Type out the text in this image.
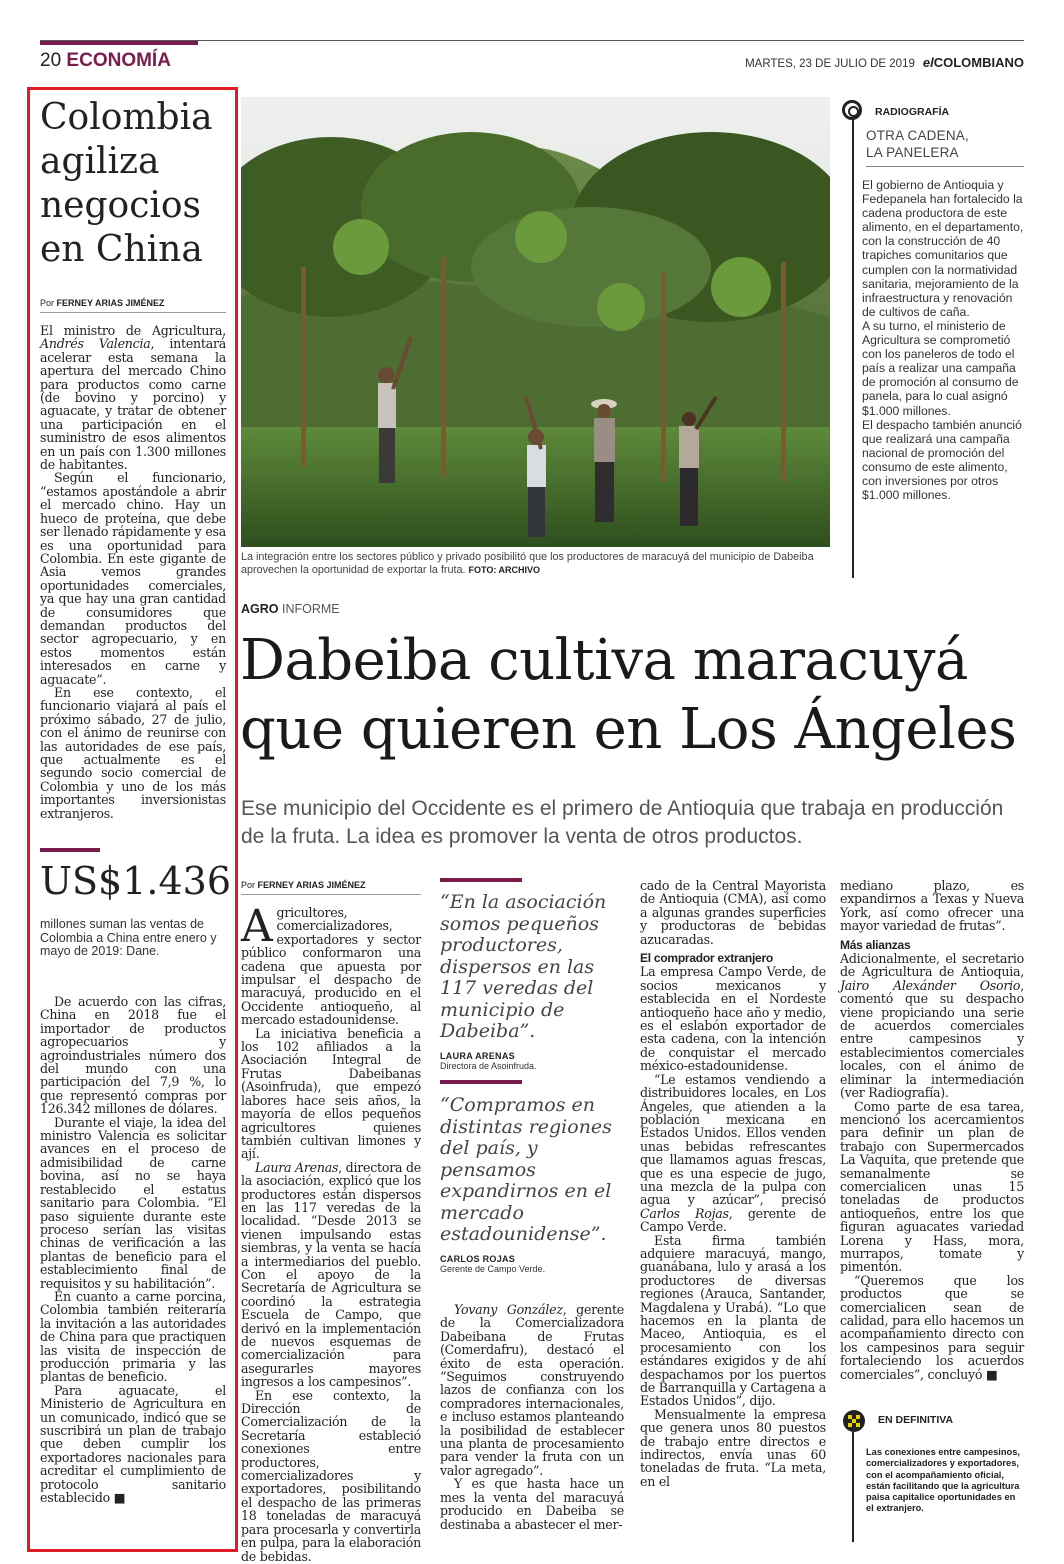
20 ECONOMÍA	MARTES, 23 DE JULIO DE 2019 elCOLOMBIANO
Colombia agiliza negocios en China
Por FERNEY ARIAS JIMÉNEZ

El ministro de Agricultura, Andrés Valencia, intentará acelerar esta semana la apertura del mercado Chino para productos como carne (de bovino y porcino) y aguacate, y tratar de obtener una participación en el suministro de esos alimentos en un país con 1.300 millones de habitantes.

Según el funcionario, “estamos apostándole a abrir el mercado chino. Hay un hueco de proteína, que debe ser llenado rápidamente y esa es una oportunidad para Colombia. En este gigante de Asia vemos grandes oportunidades comerciales, ya que hay una gran cantidad de consumidores que demandan productos del sector agropecuario, y en estos momentos están interesados en carne y aguacate”.

En ese contexto, el funcionario viajará al país el próximo sábado, 27 de julio, con el ánimo de reunirse con las autoridades de ese país, que actualmente es el segundo socio comercial de Colombia y uno de los más importantes inversionistas extranjeros.

US$1.436
millones suman las ventas de Colombia a China entre enero y mayo de 2019: Dane.

De acuerdo con las cifras, China en 2018 fue el importador de productos agropecuarios y agroindustriales número dos del mundo con una participación del 7,9 %, lo que representó compras por 126.342 millones de dólares.

Durante el viaje, la idea del ministro Valencia es solicitar avances en el proceso de admisibilidad de carne bovina, así no se haya restablecido el estatus sanitario para Colombia. “El paso siguiente durante este proceso serían las visitas chinas de verificación a las plantas de beneficio para el establecimiento final de requisitos y su habilitación”.

En cuanto a carne porcina, Colombia también reiteraría la invitación a las autoridades de China para que practiquen las visita de inspección de producción primaria y las plantas de beneficio.

Para aguacate, el Ministerio de Agricultura en un comunicado, indicó que se suscribirá un plan de trabajo que deben cumplir los exportadores nacionales para acreditar el cumplimiento de protocolo sanitario establecido ■

La integración entre los sectores público y privado posibilitó que los productores de maracuyá del municipio de Dabeiba aprovechen la oportunidad de exportar la fruta. FOTO: ARCHIVO
RADIOGRAFÍA
OTRA CADENA,
LA PANELERA

El gobierno de Antioquia y Fedepanela han fortalecido la cadena productora de este alimento, en el departamento, con la construcción de 40 trapiches comunitarios que cumplen con la normatividad sanitaria, mejoramiento de la infraestructura y renovación de cultivos de caña.

A su turno, el ministerio de Agricultura se comprometió con los paneleros de todo el país a realizar una campaña de promoción al consumo de panela, para lo cual asignó $1.000 millones.

El despacho también anunció que realizará una campaña nacional de promoción del consumo de este alimento, con inversiones por otros $1.000 millones.

AGRO INFORME
Dabeiba cultiva maracuyá
que quieren en Los Ángeles
Ese municipio del Occidente es el primero de Antioquia que trabaja en producción de la fruta. La idea es promover la venta de otros productos.
Por FERNEY ARIAS JIMÉNEZ

Agricultores, comercializadores, exportadores y sector público conformaron una cadena que apuesta por impulsar el despacho de maracuyá, producido en el Occidente antioqueño, al mercado estadounidense.

La iniciativa beneficia a los 102 afiliados a la Asociación Integral de Frutas Dabeibanas (Asoinfruda), que empezó labores hace seis años, la mayoría de ellos pequeños agricultores quienes también cultivan limones y ají.

Laura Arenas, directora de la asociación, explicó que los productores están dispersos en las 117 veredas de la localidad. “Desde 2013 se vienen impulsando estas siembras, y la venta se hacía a intermediarios del pueblo. Con el apoyo de la Secretaría de Agricultura se coordinó la estrategia Escuela de Campo, que derivó en la implementación de nuevos esquemas de comercialización para asegurarles mayores ingresos a los campesinos”.

En ese contexto, la Dirección de Comercialización de la Secretaría estableció conexiones entre productores, comercializadores y exportadores, posibilitando el despacho de las primeras 18 toneladas de maracuyá para procesarla y convertirla en pulpa, para la elaboración de bebidas.

“En la asociación somos pequeños productores, dispersos en las 117 veredas del municipio de Dabeiba”.
LAURA ARENAS
Directora de Asoinfruda.
“Compramos en distintas regiones del país, y pensamos expandirnos en el mercado estadounidense”.
CARLOS ROJAS
Gerente de Campo Verde.

Yovany González, gerente de la Comercializadora Dabeibana de Frutas (Comerdafru), destacó el éxito de esta operación. “Seguimos construyendo lazos de confianza con los compradores internacionales, e incluso estamos planteando la posibilidad de establecer una planta de procesamiento para vender la fruta con un valor agregado”.

Y es que hasta hace un mes la venta del maracuyá producido en Dabeiba se destinaba a abastecer el mer-

cado de la Central Mayorista de Antioquia (CMA), así como a algunas grandes superficies y productoras de bebidas azucaradas.

El comprador extranjero

La empresa Campo Verde, de socios mexicanos y establecida en el Nordeste antioqueño hace año y medio, es el eslabón exportador de esta cadena, con la intención de conquistar el mercado méxico-estadounidense.

“Le estamos vendiendo a distribuidores locales, en Los Ángeles, que atienden a la población mexicana en Estados Unidos. Ellos venden unas bebidas refrescantes que llamamos aguas frescas, que es una especie de jugo, una mezcla de la pulpa con agua y azúcar”, precisó Carlos Rojas, gerente de Campo Verde.

Esta firma también adquiere maracuyá, mango, guanábana, lulo y arasá a los productores de diversas regiones (Arauca, Santander, Magdalena y Urabá). “Lo que hacemos en la planta de Maceo, Antioquia, es el procesamiento con los estándares exigidos y de ahí despachamos por los puertos de Barranquilla y Cartagena a Estados Unidos”, dijo.

Mensualmente la empresa que genera unos 80 puestos de trabajo entre directos e indirectos, envía unas 60 toneladas de fruta. “La meta, en el

mediano plazo, es expandirnos a Texas y Nueva York, así como ofrecer una mayor variedad de frutas”.

Más alianzas

Adicionalmente, el secretario de Agricultura de Antioquia, Jairo Alexánder Osorio, comentó que su despacho viene propiciando una serie de acuerdos comerciales entre campesinos y establecimientos comerciales locales, con el ánimo de eliminar la intermediación (ver Radiografía).

Como parte de esa tarea, mencionó los acercamientos para definir un plan de trabajo con Supermercados La Vaquita, que pretende que semanalmente se comercialicen unas 15 toneladas de productos antioqueños, entre los que figuran aguacates variedad Lorena y Hass, mora, murrapos, tomate y pimentón.

“Queremos que los productos que se comercialicen sean de calidad, para ello hacemos un acompañamiento directo con los campesinos para seguir fortaleciendo los acuerdos comerciales”, concluyó ■

EN DEFINITIVA
Las conexiones entre campesinos, comercializadores y exportadores, con el acompañamiento oficial, están facilitando que la agricultura paisa capitalice oportunidades en el extranjero.
